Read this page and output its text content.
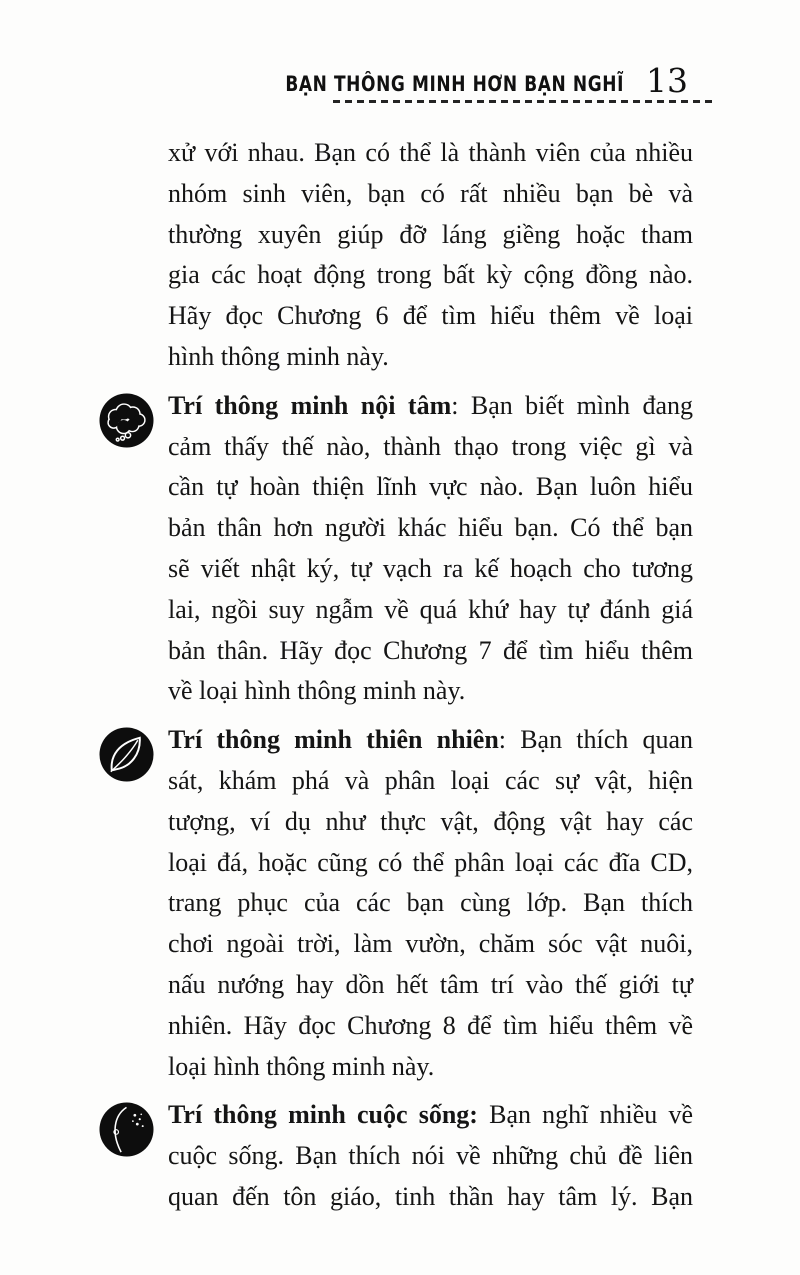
BẠN THÔNG MINH HƠN BẠN NGHĨ 13
xử với nhau. Bạn có thể là thành viên của nhiều
nhóm sinh viên, bạn có rất nhiều bạn bè và
thường xuyên giúp đỡ láng giềng hoặc tham
gia các hoạt động trong bất kỳ cộng đồng nào.
Hãy đọc Chương 6 để tìm hiểu thêm về loại
hình thông minh này.
Trí thông minh nội tâm: Bạn biết mình đang
cảm thấy thế nào, thành thạo trong việc gì và
cần tự hoàn thiện lĩnh vực nào. Bạn luôn hiểu
bản thân hơn người khác hiểu bạn. Có thể bạn
sẽ viết nhật ký, tự vạch ra kế hoạch cho tương
lai, ngồi suy ngẫm về quá khứ hay tự đánh giá
bản thân. Hãy đọc Chương 7 để tìm hiểu thêm
về loại hình thông minh này.
Trí thông minh thiên nhiên: Bạn thích quan
sát, khám phá và phân loại các sự vật, hiện
tượng, ví dụ như thực vật, động vật hay các
loại đá, hoặc cũng có thể phân loại các đĩa CD,
trang phục của các bạn cùng lớp. Bạn thích
chơi ngoài trời, làm vườn, chăm sóc vật nuôi,
nấu nướng hay dồn hết tâm trí vào thế giới tự
nhiên. Hãy đọc Chương 8 để tìm hiểu thêm về
loại hình thông minh này.
Trí thông minh cuộc sống: Bạn nghĩ nhiều về
cuộc sống. Bạn thích nói về những chủ đề liên
quan đến tôn giáo, tinh thần hay tâm lý. Bạn
